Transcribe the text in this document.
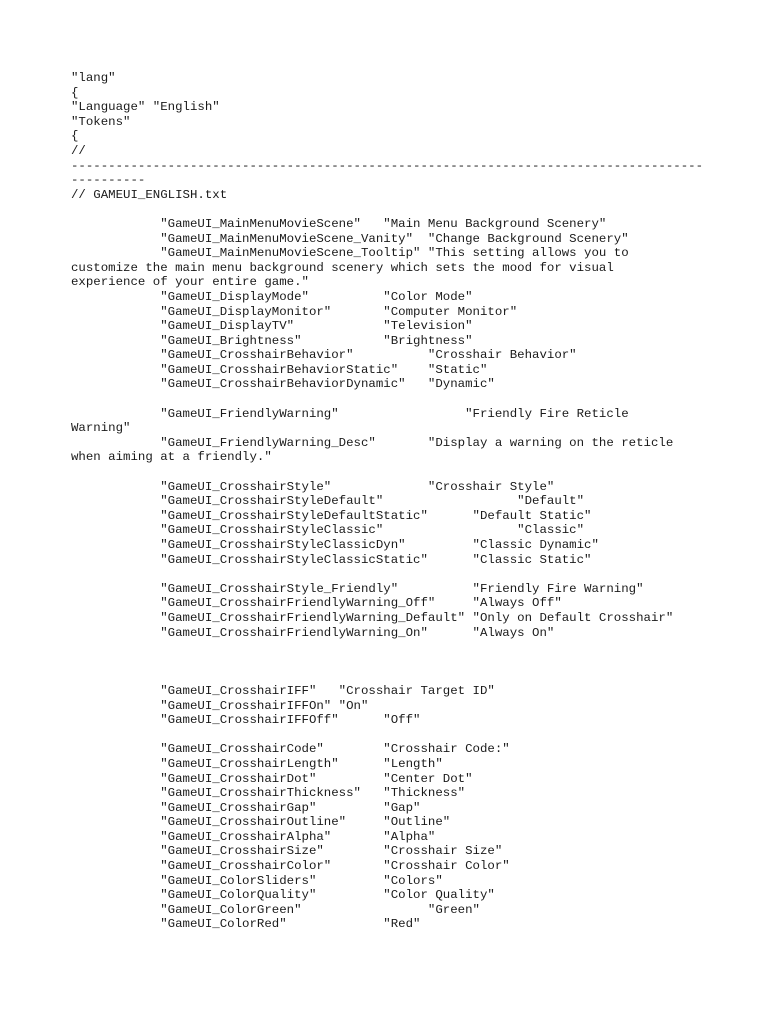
"lang"
{
"Language" "English"
"Tokens"
{
//
-------------------------------------------------------------------------------------
----------
// GAMEUI_ENGLISH.txt
"GameUI_MainMenuMovieScene"   "Main Menu Background Scenery"
"GameUI_MainMenuMovieScene_Vanity"  "Change Background Scenery"
"GameUI_MainMenuMovieScene_Tooltip" "This setting allows you to
customize the main menu background scenery which sets the mood for visual
experience of your entire game."
"GameUI_DisplayMode"          "Color Mode"
"GameUI_DisplayMonitor"       "Computer Monitor"
"GameUI_DisplayTV"            "Television"
"GameUI_Brightness"           "Brightness"
"GameUI_CrosshairBehavior"          "Crosshair Behavior"
"GameUI_CrosshairBehaviorStatic"    "Static"
"GameUI_CrosshairBehaviorDynamic"   "Dynamic"
"GameUI_FriendlyWarning"                 "Friendly Fire Reticle
Warning"
"GameUI_FriendlyWarning_Desc"       "Display a warning on the reticle
when aiming at a friendly."
"GameUI_CrosshairStyle"             "Crosshair Style"
"GameUI_CrosshairStyleDefault"                  "Default"
"GameUI_CrosshairStyleDefaultStatic"      "Default Static"
"GameUI_CrosshairStyleClassic"                  "Classic"
"GameUI_CrosshairStyleClassicDyn"         "Classic Dynamic"
"GameUI_CrosshairStyleClassicStatic"      "Classic Static"
"GameUI_CrosshairStyle_Friendly"          "Friendly Fire Warning"
"GameUI_CrosshairFriendlyWarning_Off"     "Always Off"
"GameUI_CrosshairFriendlyWarning_Default" "Only on Default Crosshair"
"GameUI_CrosshairFriendlyWarning_On"      "Always On"
"GameUI_CrosshairIFF"   "Crosshair Target ID"
"GameUI_CrosshairIFFOn" "On"
"GameUI_CrosshairIFFOff"      "Off"
"GameUI_CrosshairCode"        "Crosshair Code:"
"GameUI_CrosshairLength"      "Length"
"GameUI_CrosshairDot"         "Center Dot"
"GameUI_CrosshairThickness"   "Thickness"
"GameUI_CrosshairGap"         "Gap"
"GameUI_CrosshairOutline"     "Outline"
"GameUI_CrosshairAlpha"       "Alpha"
"GameUI_CrosshairSize"        "Crosshair Size"
"GameUI_CrosshairColor"       "Crosshair Color"
"GameUI_ColorSliders"         "Colors"
"GameUI_ColorQuality"         "Color Quality"
"GameUI_ColorGreen"                 "Green"
"GameUI_ColorRed"             "Red"
